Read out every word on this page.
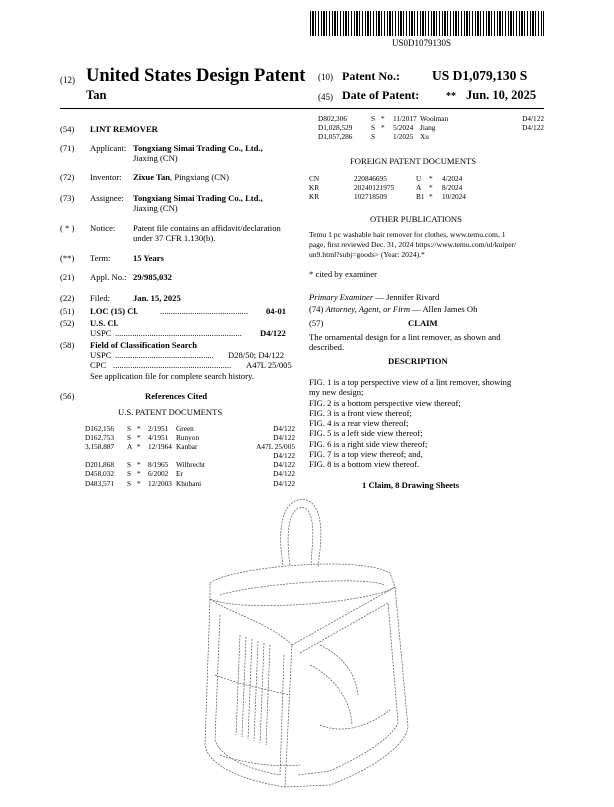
US0D1079130S
(12) United States Design Patent
Tan
(10) Patent No.: US D1,079,130 S
(45) Date of Patent:	** Jun. 10, 2025
(54) LINT REMOVER
(71) Applicant: Tongxiang Simai Trading Co., Ltd.,
Jiaxing (CN)
(72) Inventor: Zixue Tan, Pingxiang (CN)
(73) Assignee: Tongxiang Simai Trading Co., Ltd.,
Jiaxing (CN)
( * ) Notice: Patent file contains an affidavit/declaration
under 37 CFR 1.130(b).
(**) Term:	15 Years
(21) Appl. No.: 29/985,032
(22) Filed:	Jan. 15, 2025
(51) LOC (15) Cl.	.........................................	04-01
(52) U.S. Cl.
USPC ...........................................................	D4/122
(58) Field of Classification Search
USPC ..............................................	D28/50; D4/122
CPC .......................................................	A47L 25/005
See application file for complete search history.
(56)	References Cited
U.S. PATENT DOCUMENTS
D162,156 S * 2/1951 Green	D4/122
D162,753 S * 4/1951 Runyon	D4/122
3,158,887 A * 12/1964 Kanbar	A47L 25/005
D4/122
D201,868 S * 8/1965 Wilbrecht	D4/122
D458,032 S * 6/2002 Er	D4/122
D483,571 S * 12/2003 Khubani	D4/122
D802,306	S * 11/2017 Woolman	D4/122
D1,028,529	S * 5/2024 Jiang	D4/122
D1,057,286	S 1/2025 Xu
FOREIGN PATENT DOCUMENTS
CN	220846695	U * 4/2024
KR	20240121975	A * 8/2024
KR	102718509	B1 * 10/2024
OTHER PUBLICATIONS
Temu 1 pc washable hair remover for clothes, www.temu.com, 1
page, first reviewed Dec. 31, 2024 https://www.temu.com/ul/kuiper/
un9.html?subj=goods> (Year: 2024).*
* cited by examiner
Primary Examiner — Jennifer Rivard
(74) Attorney, Agent, or Firm — Allen James Oh
(57)	CLAIM
The ornamental design for a lint remover, as shown and
described.
DESCRIPTION
FIG. 1 is a top perspective view of a lint remover, showing
my new design;
FIG. 2 is a bottom perspective view thereof;
FIG. 3 is a front view thereof;
FIG. 4 is a rear view thereof;
FIG. 5 is a left side view thereof;
FIG. 6 is a right side view thereof;
FIG. 7 is a top view thereof; and,
FIG. 8 is a bottom view thereof.
1 Claim, 8 Drawing Sheets
